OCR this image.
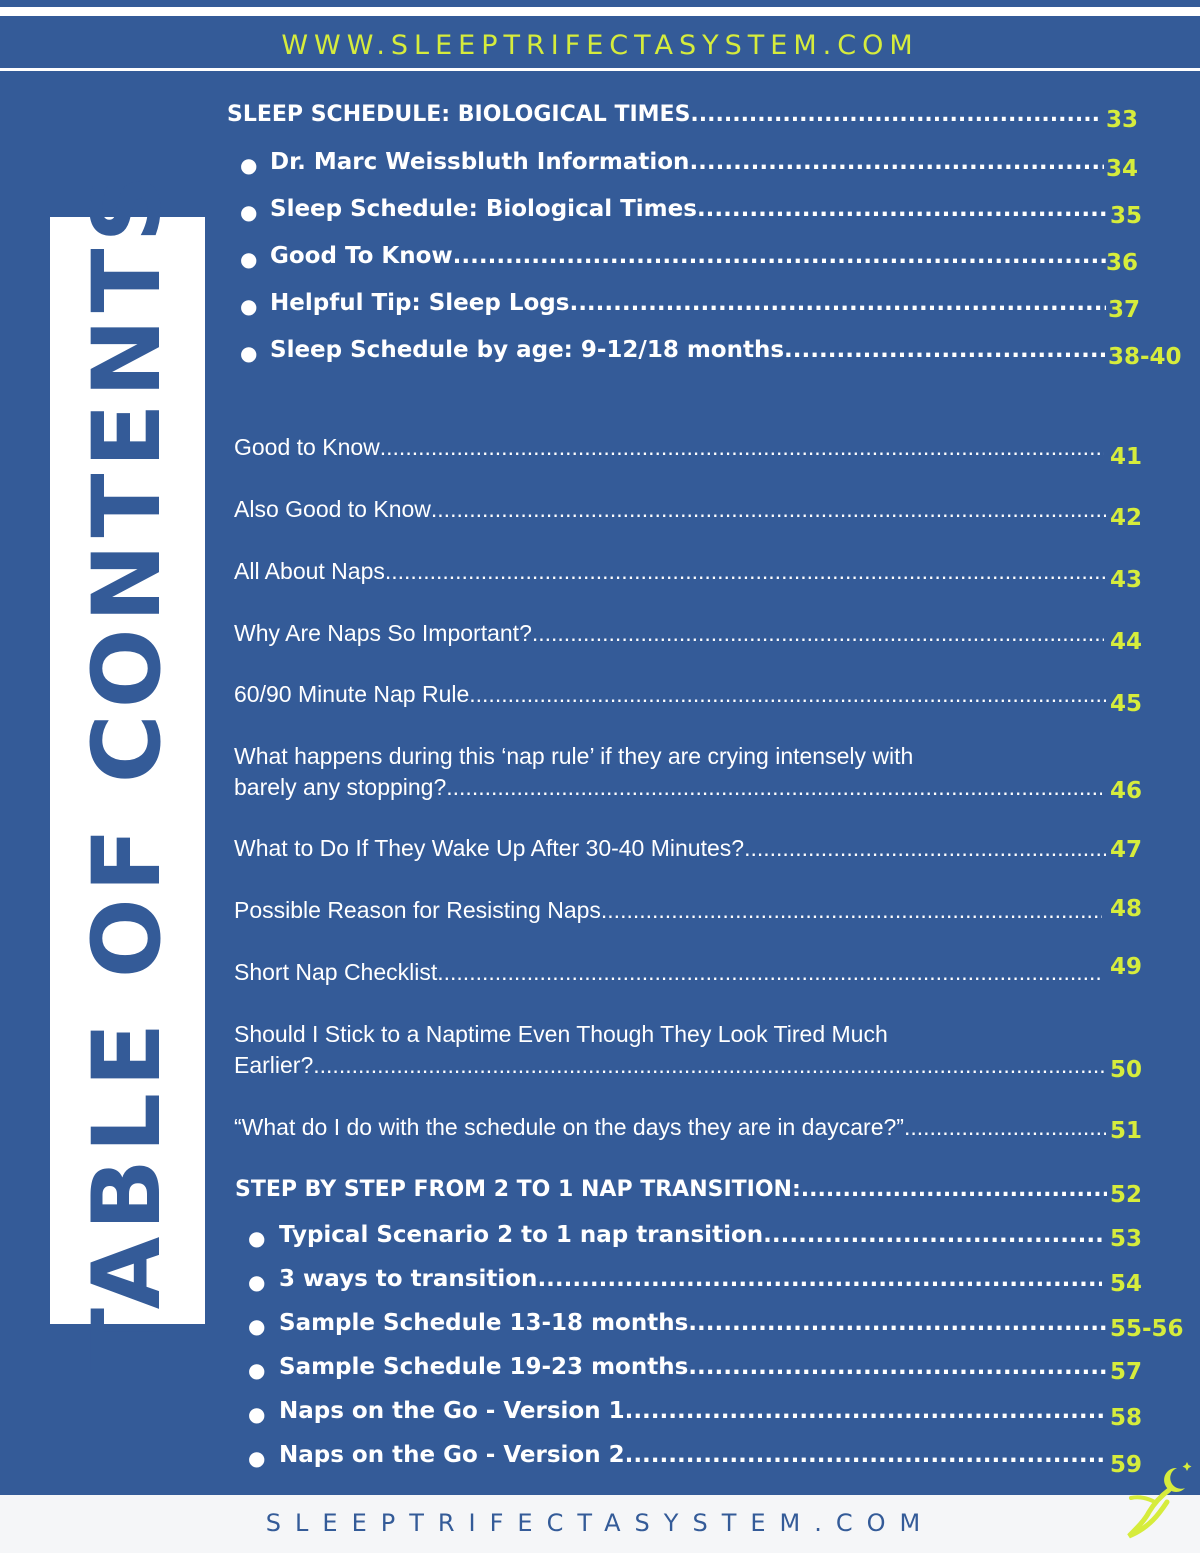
WWW.SLEEPTRIFECTASYSTEM.COM
TABLE OF CONTENTS
SLEEP SCHEDULE: BIOLOGICAL TIMES .....	33
● Dr. Marc Weissbluth Information .....	34
● Sleep Schedule: Biological Times .....	35
● Good To Know .....	36
● Helpful Tip: Sleep Logs .....	37
● Sleep Schedule by age: 9-12/18 months .....	38-40
Good to Know .....	41
Also Good to Know .....	42
All About Naps .....	43
Why Are Naps So Important? .....	44
60/90 Minute Nap Rule .....	45
What happens during this ‘nap rule’ if they are crying intensely with
barely any stopping? .....	46
What to Do If They Wake Up After 30-40 Minutes? .....	47
Possible Reason for Resisting Naps .....	48
Short Nap Checklist .....	49
Should I Stick to a Naptime Even Though They Look Tired Much
Earlier? .....	50
“What do I do with the schedule on the days they are in daycare?” .....	51
STEP BY STEP FROM 2 TO 1 NAP TRANSITION: .....	52
● Typical Scenario 2 to 1 nap transition .....	53
● 3 ways to transition .....	54
● Sample Schedule 13-18 months .....	55-56
● Sample Schedule 19-23 months .....	57
● Naps on the Go - Version 1 .....	58
● Naps on the Go - Version 2 .....	59
SLEEPTRIFECTASYSTEM.COM
